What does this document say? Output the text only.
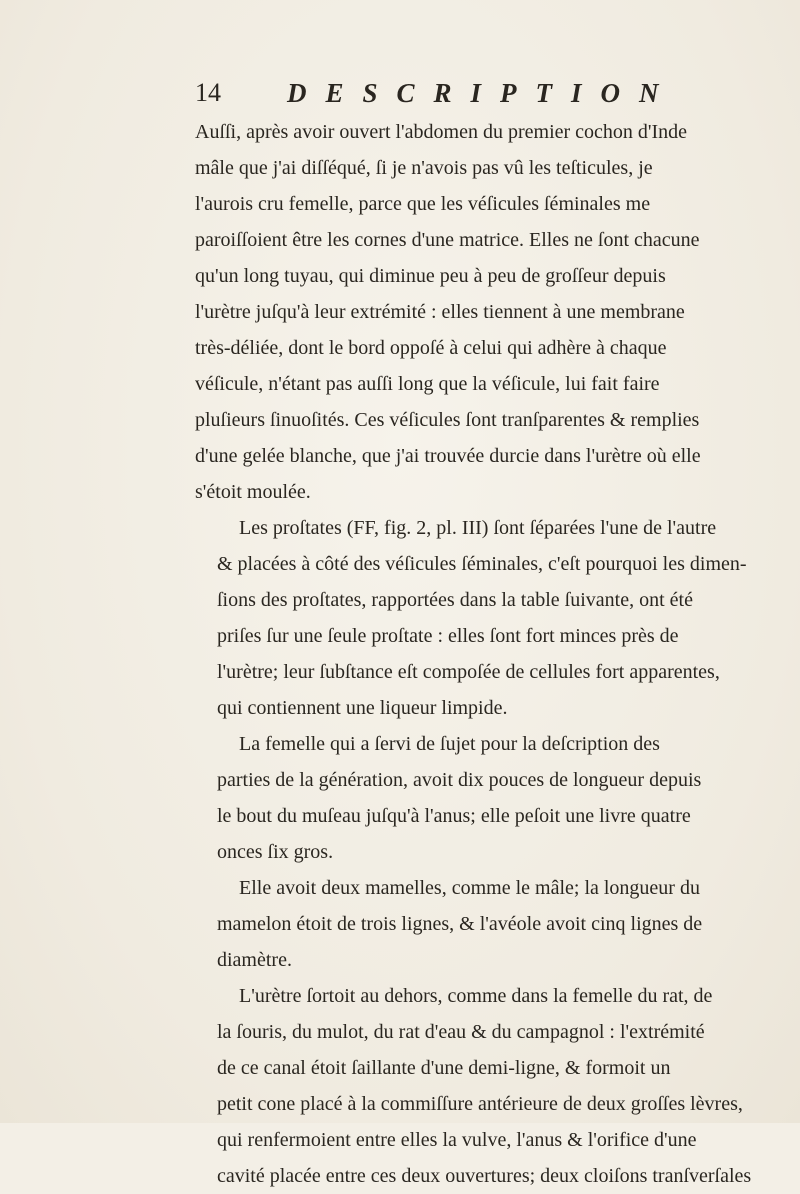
14 DESCRIPTION

Auſſi, après avoir ouvert l'abdomen du premier cochon d'Inde
mâle que j'ai diſſéqué, ſi je n'avois pas vû les teſticules, je
l'aurois cru femelle, parce que les véſicules ſéminales me
paroiſſoient être les cornes d'une matrice. Elles ne ſont chacune
qu'un long tuyau, qui diminue peu à peu de groſſeur depuis
l'urètre juſqu'à leur extrémité : elles tiennent à une membrane
très-déliée, dont le bord oppoſé à celui qui adhère à chaque
véſicule, n'étant pas auſſi long que la véſicule, lui fait faire
pluſieurs ſinuoſités. Ces véſicules ſont tranſparentes & remplies
d'une gelée blanche, que j'ai trouvée durcie dans l'urètre où elle
s'étoit moulée.

Les proſtates (FF, fig. 2, pl. III) ſont ſéparées l'une de l'autre
& placées à côté des véſicules ſéminales, c'eſt pourquoi les dimen-
ſions des proſtates, rapportées dans la table ſuivante, ont été
priſes ſur une ſeule proſtate : elles ſont fort minces près de
l'urètre; leur ſubſtance eſt compoſée de cellules fort apparentes,
qui contiennent une liqueur limpide.

La femelle qui a ſervi de ſujet pour la deſcription des
parties de la génération, avoit dix pouces de longueur depuis
le bout du muſeau juſqu'à l'anus; elle peſoit une livre quatre
onces ſix gros.

Elle avoit deux mamelles, comme le mâle; la longueur du
mamelon étoit de trois lignes, & l'avéole avoit cinq lignes de
diamètre.

L'urètre ſortoit au dehors, comme dans la femelle du rat, de
la ſouris, du mulot, du rat d'eau & du campagnol : l'extrémité
de ce canal étoit ſaillante d'une demi-ligne, & formoit un
petit cone placé à la commiſſure antérieure de deux groſſes lèvres,
qui renfermoient entre elles la vulve, l'anus & l'orifice d'une
cavité placée entre ces deux ouvertures; deux cloiſons tranſverſales
